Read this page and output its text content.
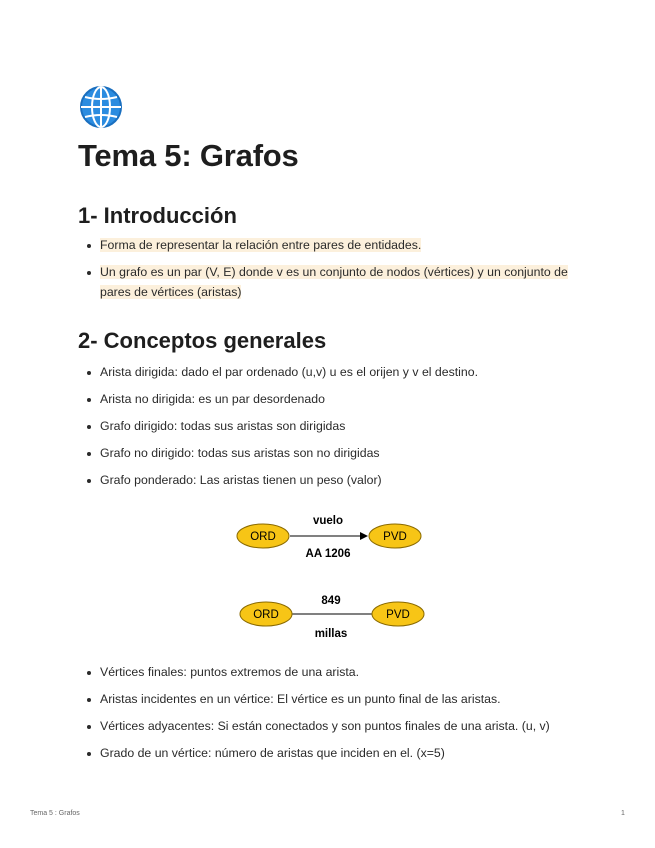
Tema 5: Grafos
1- Introducción
Forma de representar la relación entre pares de entidades.
Un grafo es un par (V, E) donde v es un conjunto de nodos (vértices) y un conjunto de pares de vértices (aristas)
2- Conceptos generales
Arista dirigida: dado el par ordenado (u,v) u es el orijen y v el destino.
Arista no dirigida: es un par desordenado
Grafo dirigido: todas sus aristas son dirigidas
Grafo no dirigido: todas sus aristas son no dirigidas
Grafo ponderado: Las aristas tienen un peso (valor)
vuelo
ORD	PVD
AA 1206
849
ORD	PVD
millas
Vértices finales: puntos extremos de una arista.
Aristas incidentes en un vértice: El vértice es un punto final de las aristas.
Vértices adyacentes: Si están conectados y son puntos finales de una arista. (u, v)
Grado de un vértice: número de aristas que inciden en el. (x=5)
Tema 5 : Grafos	1
